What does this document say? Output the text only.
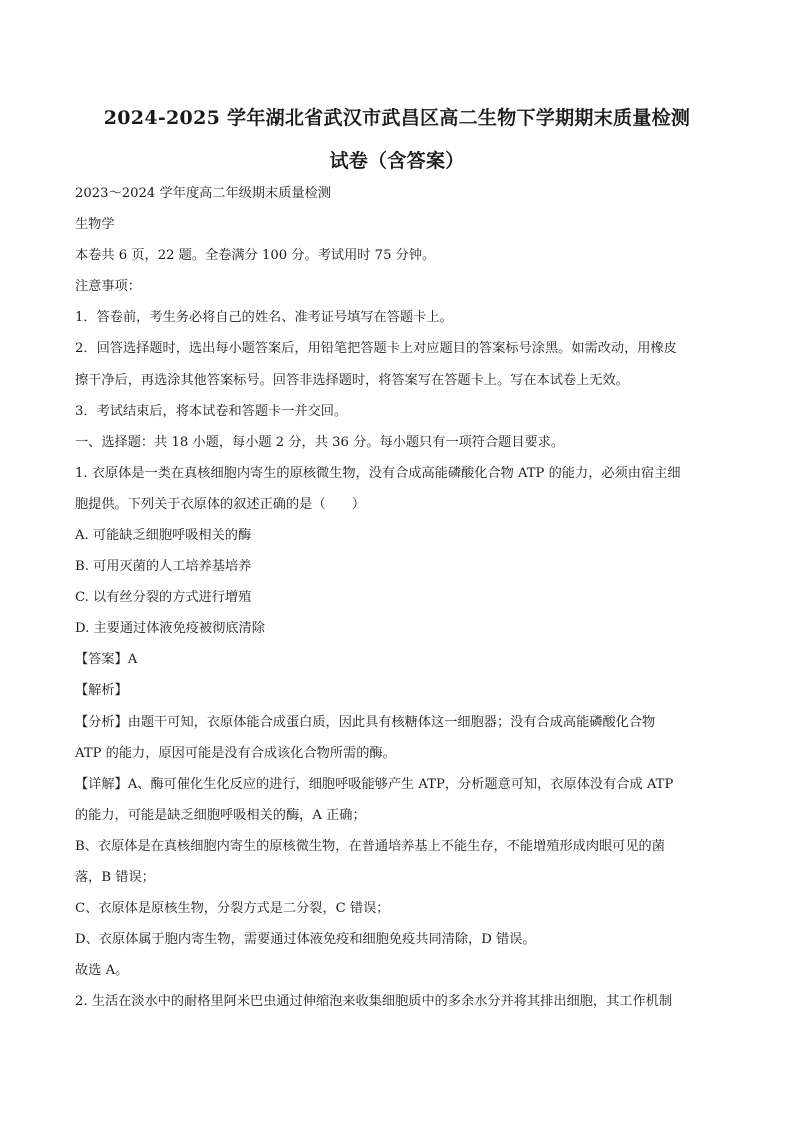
2024-2025 学年湖北省武汉市武昌区高二生物下学期期末质量检测
试卷（含答案）
2023～2024 学年度高二年级期末质量检测
生物学
本卷共 6 页，22 题。全卷满分 100 分。考试用时 75 分钟。
注意事项：
1．答卷前，考生务必将自己的姓名、准考证号填写在答题卡上。
2．回答选择题时，选出每小题答案后，用铅笔把答题卡上对应题目的答案标号涂黑。如需改动，用橡皮
擦干净后，再选涂其他答案标号。回答非选择题时，将答案写在答题卡上。写在本试卷上无效。
3．考试结束后，将本试卷和答题卡一并交回。
一、选择题：共 18 小题，每小题 2 分，共 36 分。每小题只有一项符合题目要求。
1. 衣原体是一类在真核细胞内寄生的原核微生物，没有合成高能磷酸化合物 ATP 的能力，必须由宿主细
胞提供。下列关于衣原体的叙述正确的是（　　）
A. 可能缺乏细胞呼吸相关的酶
B. 可用灭菌的人工培养基培养
C. 以有丝分裂的方式进行增殖
D. 主要通过体液免疫被彻底清除
【答案】A
【解析】
【分析】由题干可知，衣原体能合成蛋白质，因此具有核糖体这一细胞器；没有合成高能磷酸化合物
ATP 的能力，原因可能是没有合成该化合物所需的酶。
【详解】A、酶可催化生化反应的进行，细胞呼吸能够产生 ATP，分析题意可知，衣原体没有合成 ATP
的能力，可能是缺乏细胞呼吸相关的酶，A 正确；
B、衣原体是在真核细胞内寄生的原核微生物，在普通培养基上不能生存，不能增殖形成肉眼可见的菌
落，B 错误；
C、衣原体是原核生物，分裂方式是二分裂，C 错误；
D、衣原体属于胞内寄生物，需要通过体液免疫和细胞免疫共同清除，D 错误。
故选 A。
2. 生活在淡水中的耐格里阿米巴虫通过伸缩泡来收集细胞质中的多余水分并将其排出细胞，其工作机制
